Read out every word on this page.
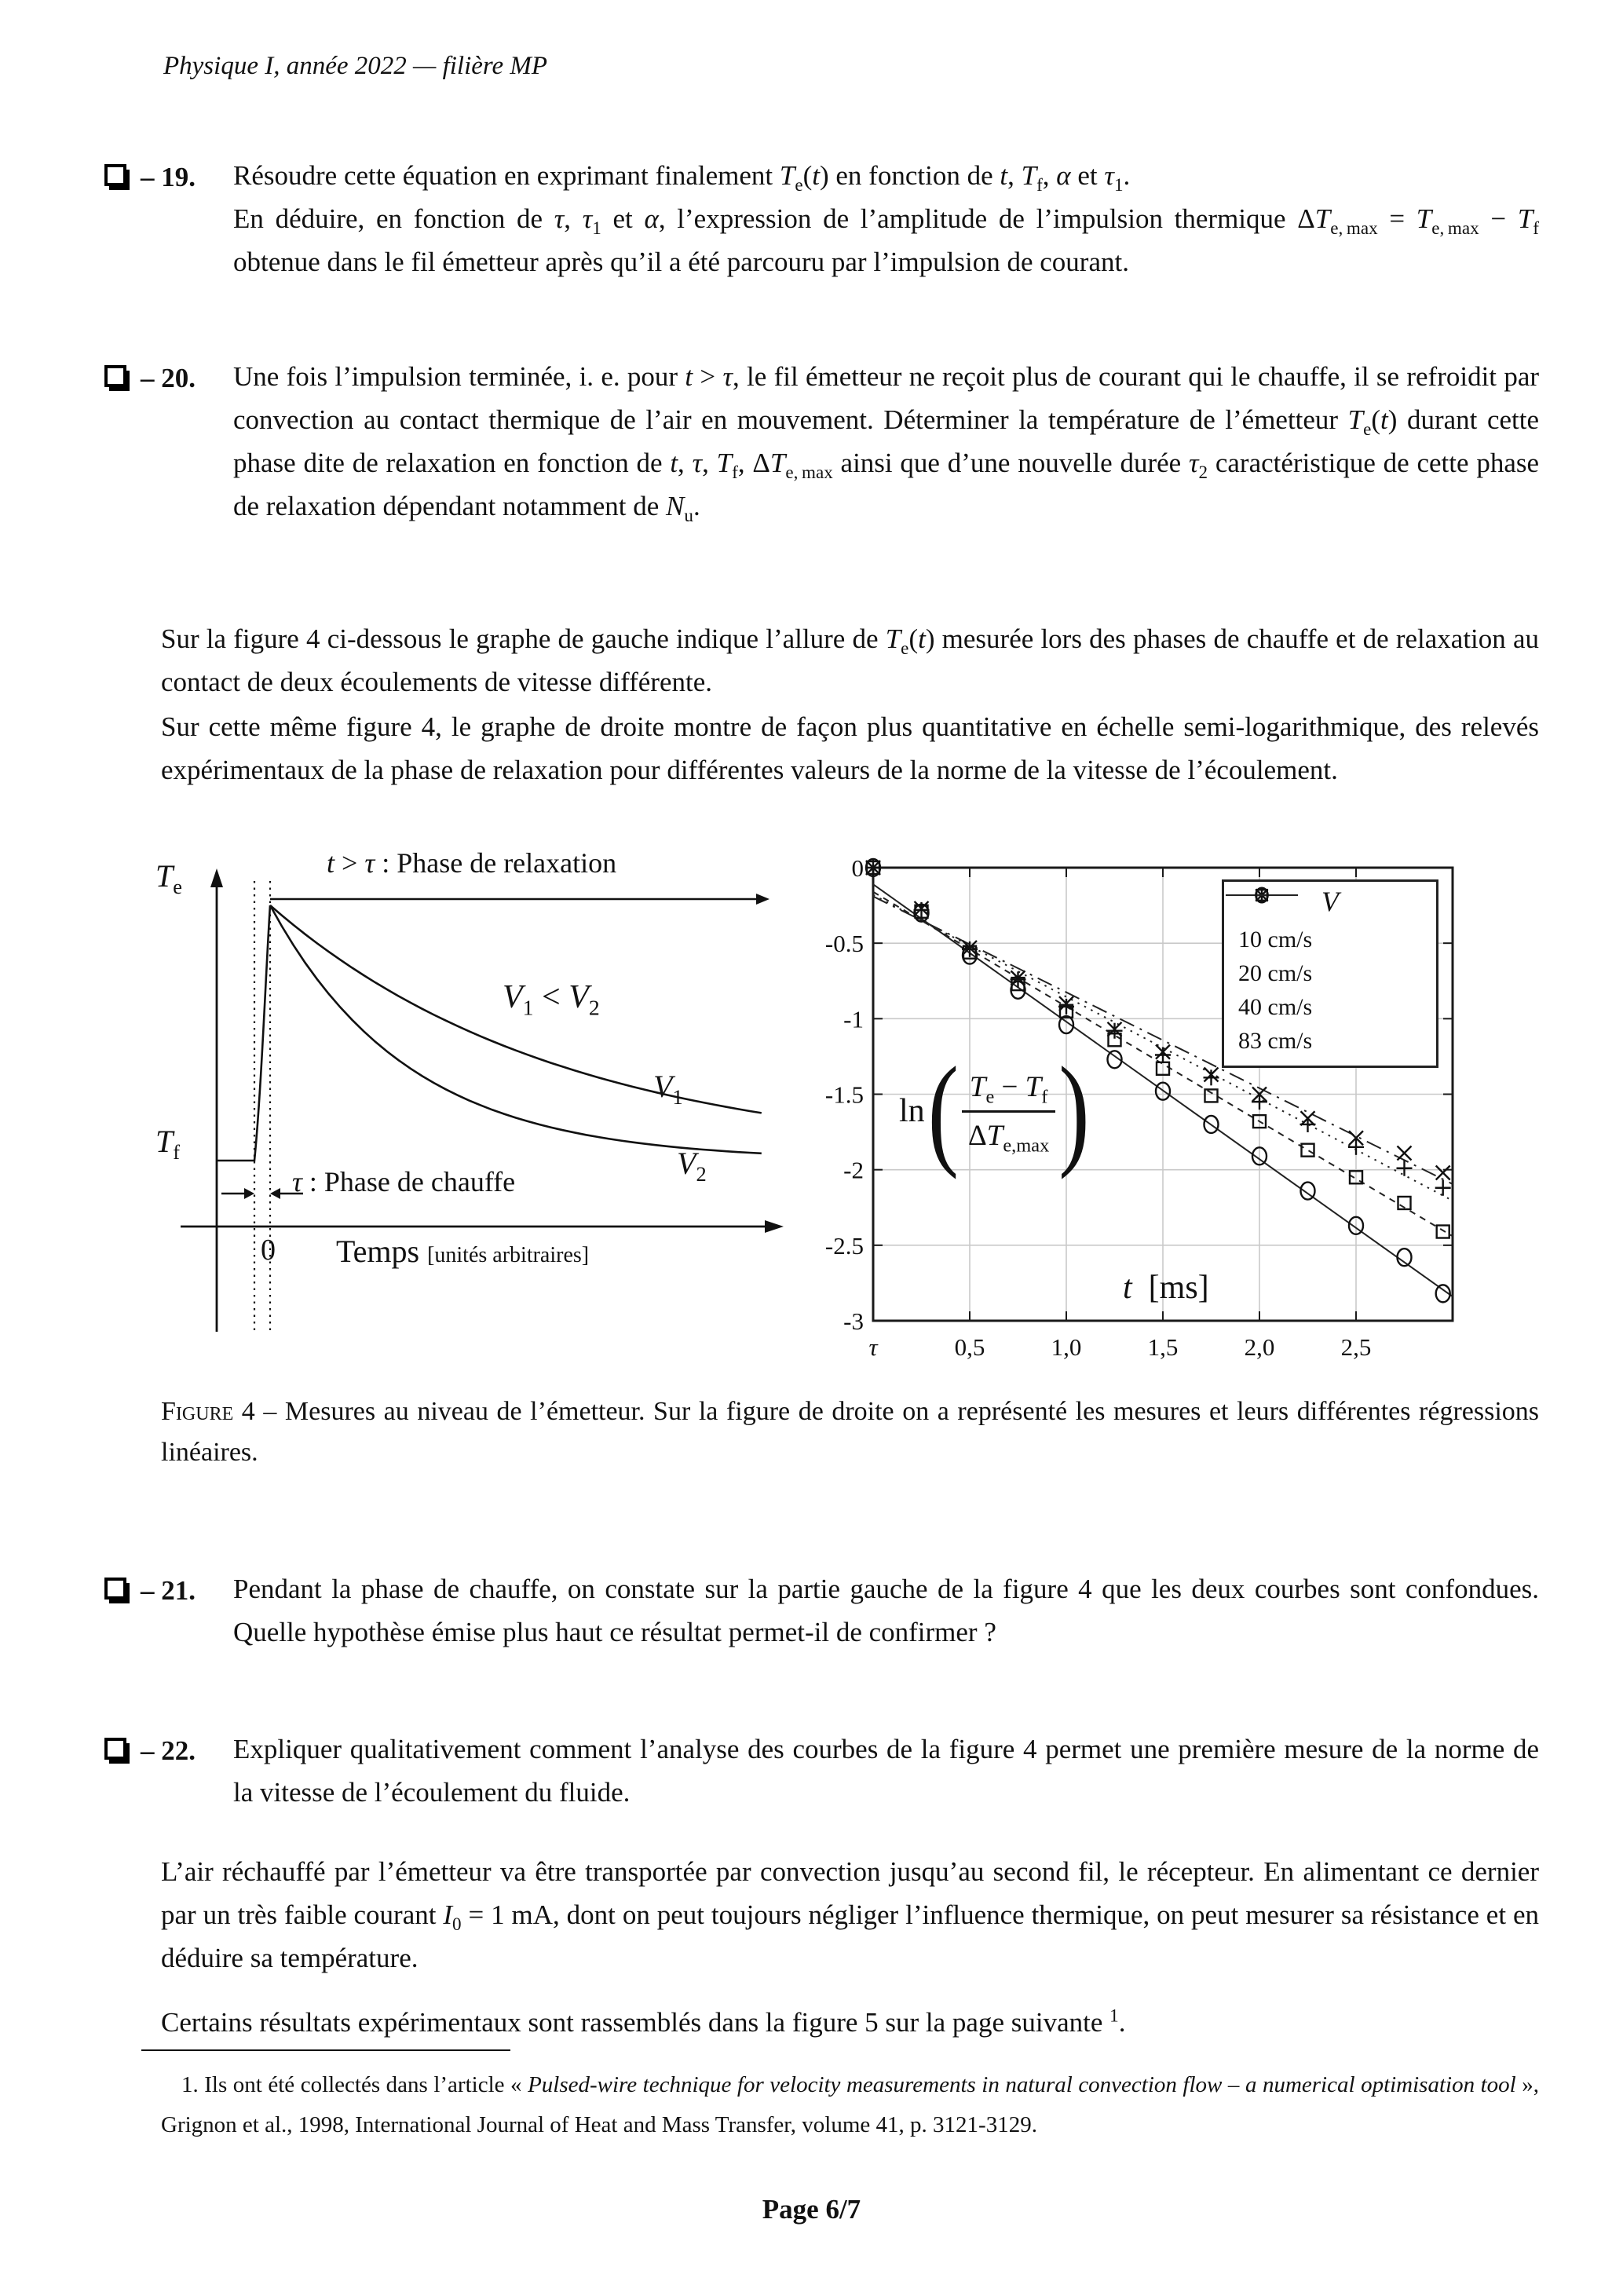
Physique I, année 2022 — filière MP
– 19. Résoudre cette équation en exprimant finalement $T_e(t)$ en fonction de t, $T_f$, α et $\tau_1$.

En déduire, en fonction de τ, $\tau_1$ et α, l’expression de l’amplitude de l’impulsion thermique $\Delta T_{e, max} = T_{e, max} - T_f$ obtenue dans le fil émetteur après qu’il a été parcouru par l’impulsion de courant.

– 20. Une fois l’impulsion terminée, i. e. pour t > τ, le fil émetteur ne reçoit plus de courant qui le chauffe, il se refroidit par convection au contact thermique de l’air en mouvement. Déterminer la température de l’émetteur $T_e(t)$ durant cette phase dite de relaxation en fonction de t, τ, $T_f$, $\Delta T_{e, max}$ ainsi que d’une nouvelle durée $\tau_2$ caractéristique de cette phase de relaxation dépendant notamment de $N_u$.

Sur la figure 4 ci-dessous le graphe de gauche indique l’allure de $T_e(t)$ mesurée lors des phases de chauffe et de relaxation au contact de deux écoulements de vitesse différente.
Sur cette même figure 4, le graphe de droite montre de façon plus quantitative en échelle semi-logarithmique, des relevés expérimentaux de la phase de relaxation pour différentes valeurs de la norme de la vitesse de l’écoulement.
$T_e$
$T_f$
t > τ : Phase de relaxation
τ : Phase de chauffe
$V_1 < V_2$
$V_1$
$V_2$
0 Temps [unités arbitraires]
τ	0,5	1,0	1,5	2,0	2,5
0
-0.5
-1
-1.5
-2
-2.5
-3
ln ( $\frac{T_e - T_f}{\Delta T_{e,max}}$ )
t [ms]
V
10 cm/s
20 cm/s
40 cm/s
83 cm/s
Figure 4 – Mesures au niveau de l’émetteur. Sur la figure de droite on a représenté les mesures et leurs différentes régressions linéaires.
– 21. Pendant la phase de chauffe, on constate sur la partie gauche de la figure 4 que les deux courbes sont confondues. Quelle hypothèse émise plus haut ce résultat permet-il de confirmer ?

– 22. Expliquer qualitativement comment l’analyse des courbes de la figure 4 permet une première mesure de la norme de la vitesse de l’écoulement du fluide.

L’air réchauffé par l’émetteur va être transportée par convection jusqu’au second fil, le récepteur. En alimentant ce dernier par un très faible courant $I_0 = 1$ mA, dont on peut toujours négliger l’influence thermique, on peut mesurer sa résistance et en déduire sa température.
Certains résultats expérimentaux sont rassemblés dans la figure 5 sur la page suivante $^1$.
1. Ils ont été collectés dans l’article « Pulsed-wire technique for velocity measurements in natural convection flow – a numerical optimisation tool », Grignon et al., 1998, International Journal of Heat and Mass Transfer, volume 41, p. 3121-3129.
Page 6/7
